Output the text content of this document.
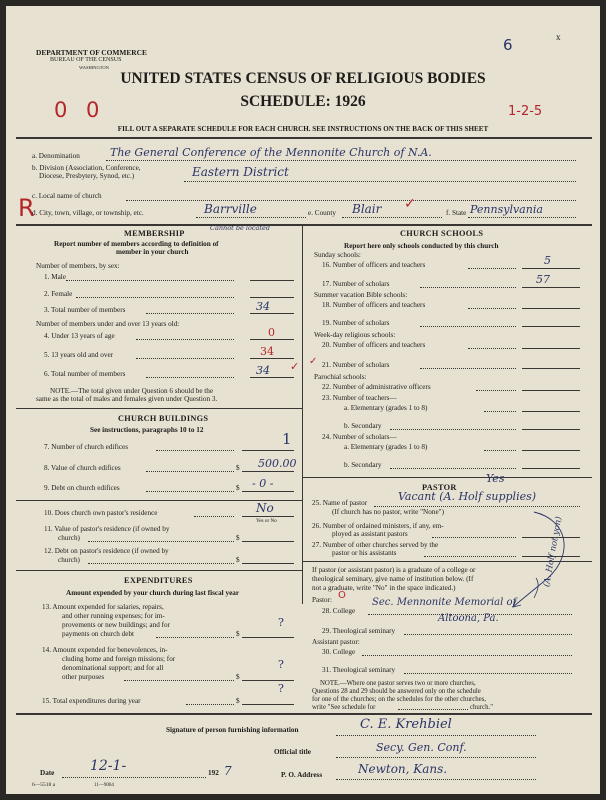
DEPARTMENT OF COMMERCE
BUREAU OF THE CENSUS
WASHINGTON
6	x
UNITED STATES CENSUS OF RELIGIOUS BODIES
SCHEDULE: 1926
0 0	1-2-5
FILL OUT A SEPARATE SCHEDULE FOR EACH CHURCH. SEE INSTRUCTIONS ON THE BACK OF THIS SHEET
a. Denomination	The General Conference of the Mennonite Church of N.A.
b. Division (Association, Conference,
Diocese, Presbytery, Synod, etc.)	Eastern District
c. Local name of church
R
d. City, town, village, or township, etc.	Barrville	e. County Blair ✓
f. State Pennsylvania
MEMBERSHIP
Cannot be located
Report number of members according to definition of
member in your church
Number of members, by sex:
1. Male
2. Female
3. Total number of members	34
Number of members under and over 13 years old:
4. Under 13 years of age	0
5. 13 years old and over	34
6. Total number of members	34 ✓
NOTE.—The total given under Question 6 should be the
same as the total of males and females given under Question 3.
CHURCH BUILDINGS
See instructions, paragraphs 10 to 12
7. Number of church edifices	1
8. Value of church edifices	$ 500.00
9. Debt on church edifices	$ - 0 -
10. Does church own pastor's residence	No
Yes or No
11. Value of pastor's residence (if owned by
church)	$
12. Debt on pastor's residence (if owned by
church)	$
EXPENDITURES
Amount expended by your church during last fiscal year
13. Amount expended for salaries, repairs,
and other running expenses; for im-
provements or new buildings; and for
payments on church debt	$
?
14. Amount expended for benevolences, in-
cluding home and foreign missions; for
denominational support; and for all
other purposes	$
?
15. Total expenditures during year	$
?
CHURCH SCHOOLS
Report here only schools conducted by this church
Sunday schools:
16. Number of officers and teachers	5
17. Number of scholars	57
Summer vacation Bible schools:
18. Number of officers and teachers
19. Number of scholars
Week-day religious schools:
20. Number of officers and teachers
✓ 21. Number of scholars
Parochial schools:
22. Number of administrative officers
23. Number of teachers—
a. Elementary (grades 1 to 8)
b. Secondary
24. Number of scholars—
a. Elementary (grades 1 to 8)
b. Secondary
PASTOR
Yes
25. Name of pastor	Vacant (A. Holf supplies)
(If church has no pastor, write "None")
26. Number of ordained ministers, if any, em-
ployed as assistant pastors
27. Number of other churches served by the
pastor or his assistants
If pastor (or assistant pastor) is a graduate of a college or
theological seminary, give name of institution below. (If
not a graduate, write "No" in the space indicated.)
Pastor: O
28. College
Sec. Mennonite Memorial of
Altoona, Pa.
29. Theological seminary
Assistant pastor:
30. College
31. Theological seminary
(A. Holf not yon)
NOTE.—Where one pastor serves two or more churches,
Questions 28 and 29 should be answered only on the schedule
for one of the churches; on the schedules for the other churches,
write "See schedule for	church."
Signature of person furnishing information	C. E. Krehbiel
Official title	Secy. Gen. Conf.
Date	12-1-	192 7	P. O. Address	Newton, Kans.
6—5518 a	11—9064
